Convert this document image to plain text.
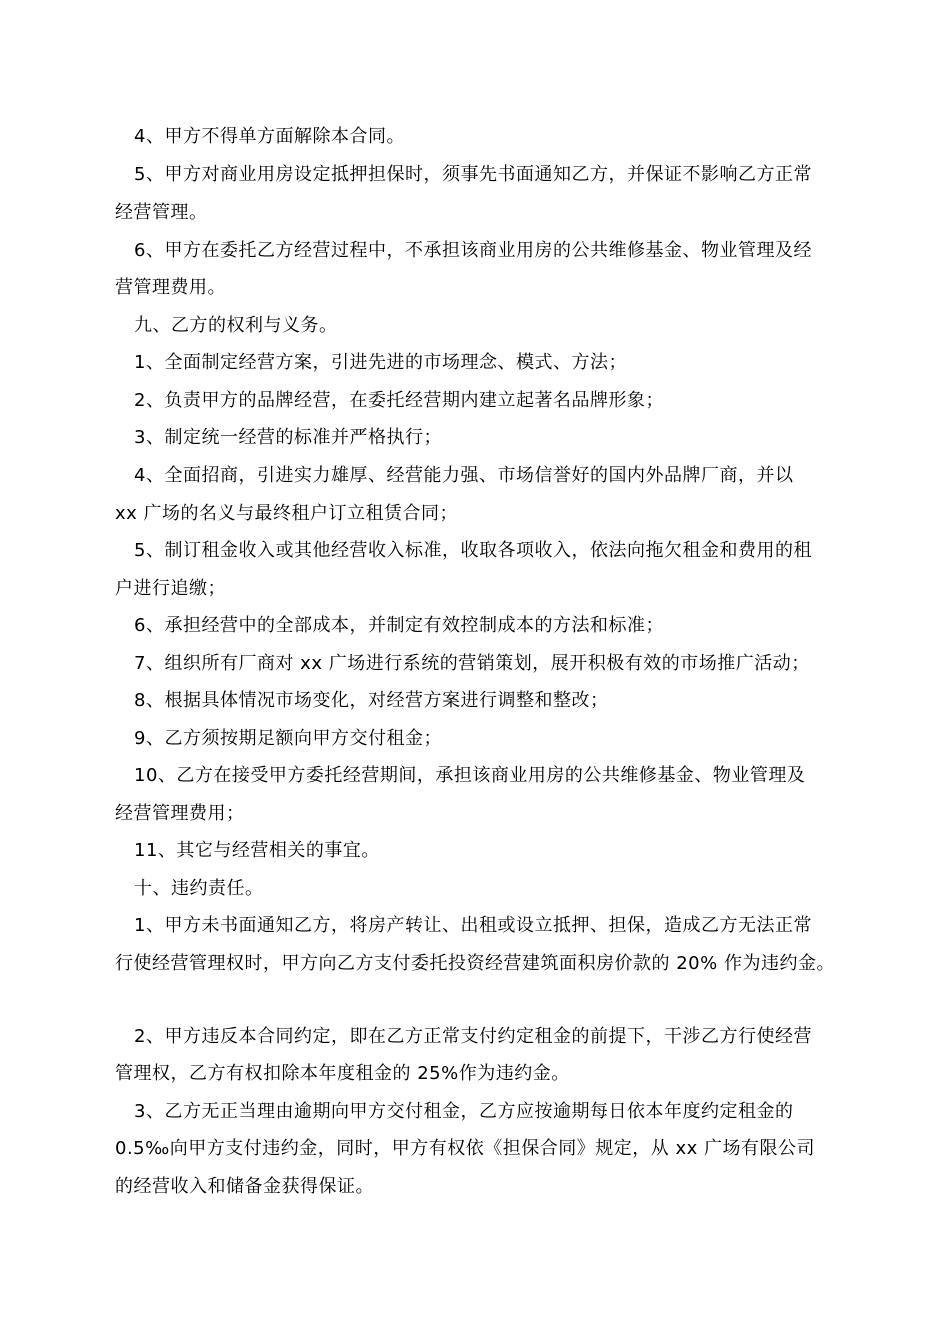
4、甲方不得单方面解除本合同。
5、甲方对商业用房设定抵押担保时，须事先书面通知乙方，并保证不影响乙方正常
经营管理。
6、甲方在委托乙方经营过程中，不承担该商业用房的公共维修基金、物业管理及经
营管理费用。
九、乙方的权利与义务。
1、全面制定经营方案，引进先进的市场理念、模式、方法；
2、负责甲方的品牌经营，在委托经营期内建立起著名品牌形象；
3、制定统一经营的标准并严格执行；
4、全面招商，引进实力雄厚、经营能力强、市场信誉好的国内外品牌厂商，并以
xx 广场的名义与最终租户订立租赁合同；
5、制订租金收入或其他经营收入标准，收取各项收入，依法向拖欠租金和费用的租
户进行追缴；
6、承担经营中的全部成本，并制定有效控制成本的方法和标准；
7、组织所有厂商对 xx 广场进行系统的营销策划，展开积极有效的市场推广活动；
8、根据具体情况市场变化，对经营方案进行调整和整改；
9、乙方须按期足额向甲方交付租金；
10、乙方在接受甲方委托经营期间，承担该商业用房的公共维修基金、物业管理及
经营管理费用；
11、其它与经营相关的事宜。
十、违约责任。
1、甲方未书面通知乙方，将房产转让、出租或设立抵押、担保，造成乙方无法正常
行使经营管理权时，甲方向乙方支付委托投资经营建筑面积房价款的 20% 作为违约金。
2、甲方违反本合同约定，即在乙方正常支付约定租金的前提下，干涉乙方行使经营
管理权，乙方有权扣除本年度租金的 25%作为违约金。
3、乙方无正当理由逾期向甲方交付租金，乙方应按逾期每日依本年度约定租金的
0.5‰向甲方支付违约金，同时，甲方有权依《担保合同》规定，从 xx 广场有限公司
的经营收入和储备金获得保证。
